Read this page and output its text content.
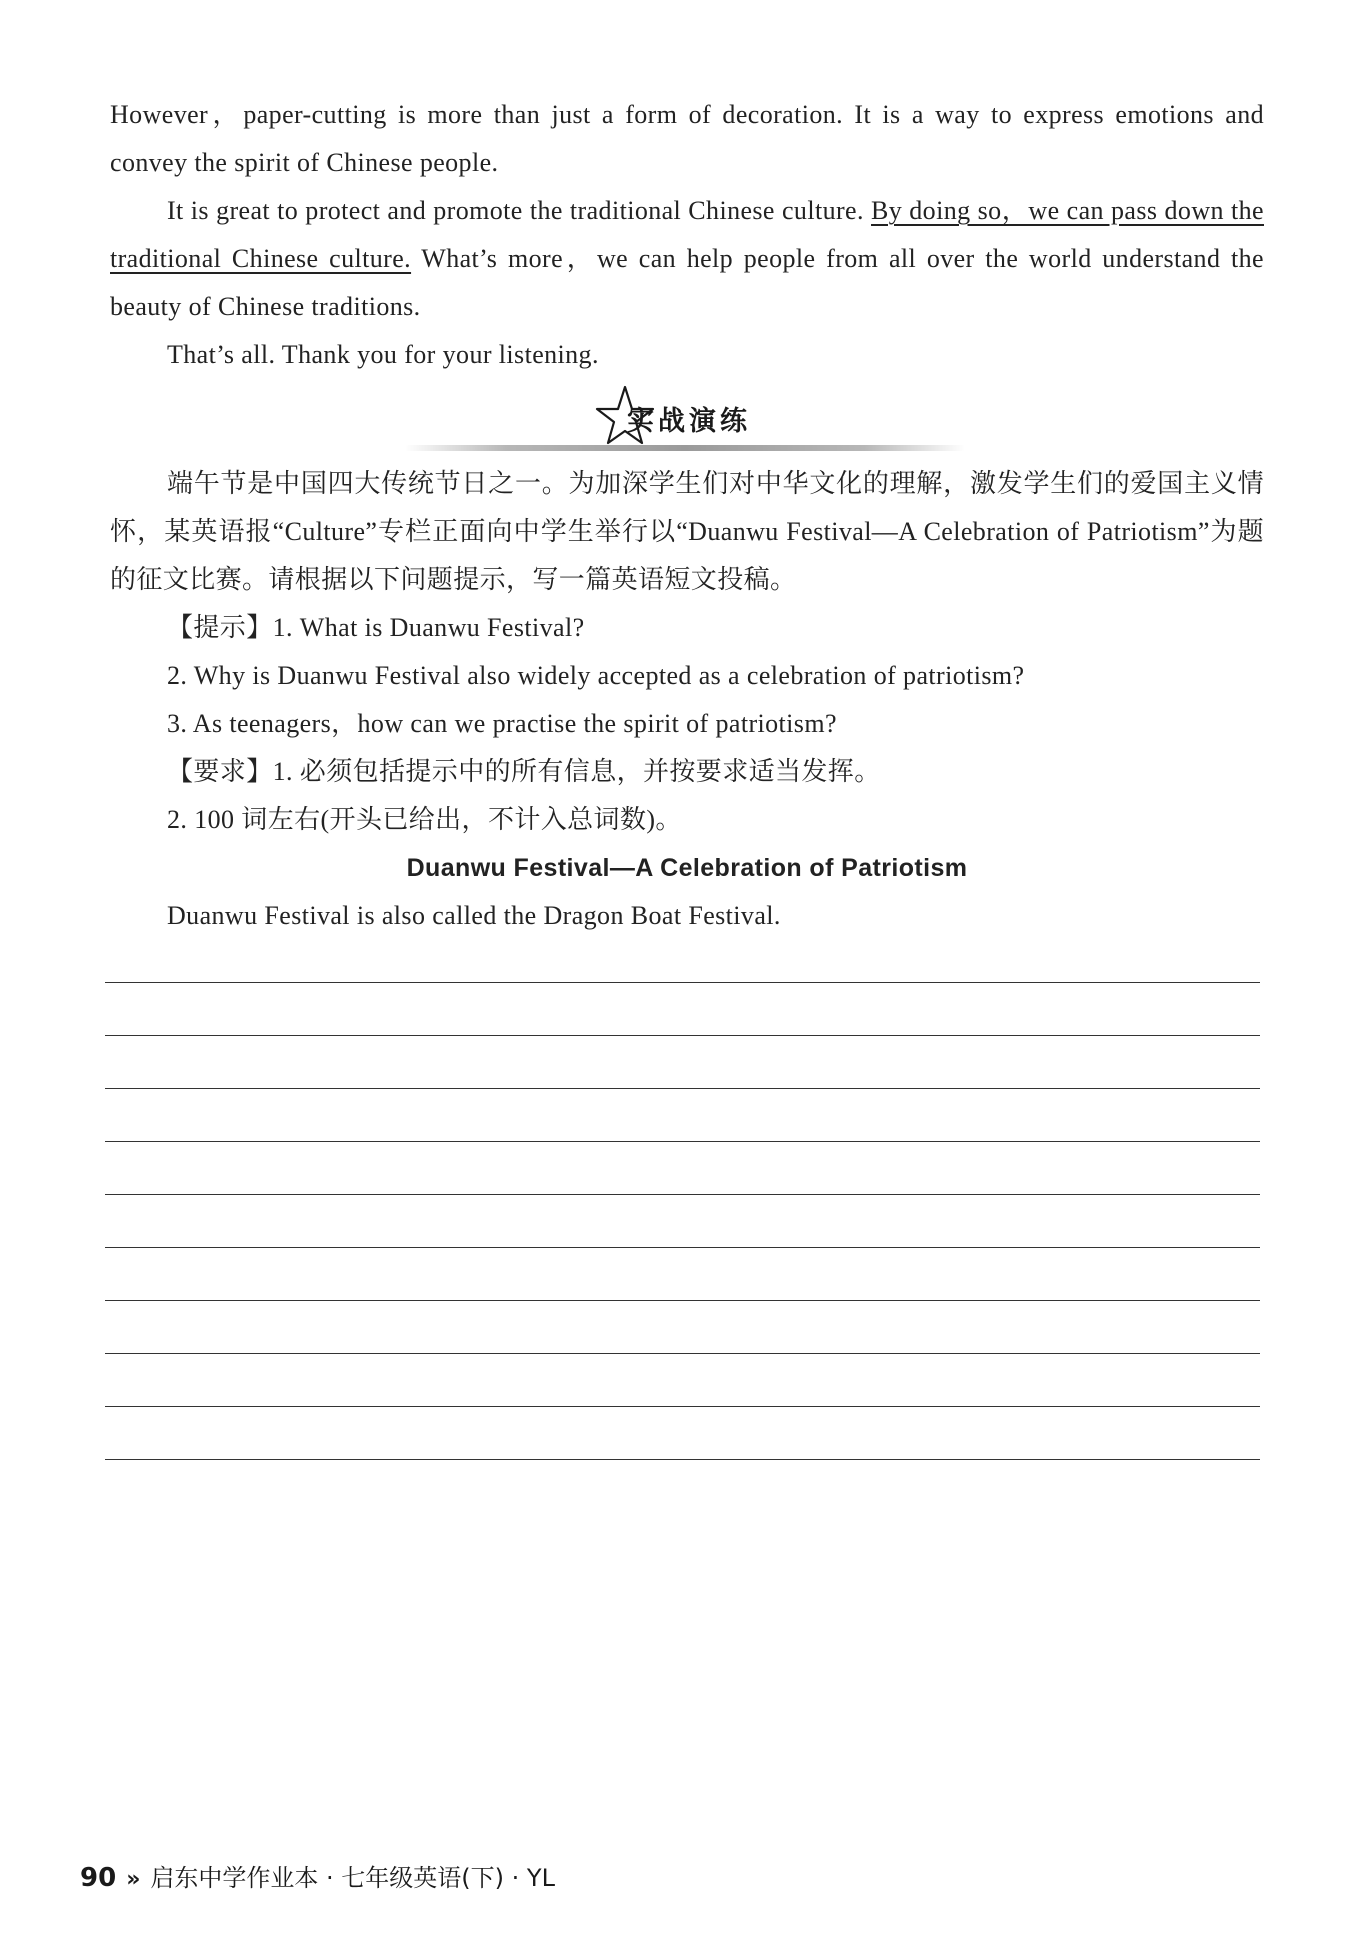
However，paper-cutting is more than just a form of decoration. It is a way to express emotions and convey the spirit of Chinese people.

It is great to protect and promote the traditional Chinese culture. By doing so，we can pass down the traditional Chinese culture. What’s more，we can help people from all over the world understand the beauty of Chinese traditions.

That’s all. Thank you for your listening.

实战演练

端午节是中国四大传统节日之一。为加深学生们对中华文化的理解，激发学生们的爱国主义情怀，某英语报“Culture”专栏正面向中学生举行以“Duanwu Festival—A Celebration of Patriotism”为题的征文比赛。请根据以下问题提示，写一篇英语短文投稿。

【提示】1. What is Duanwu Festival?

2. Why is Duanwu Festival also widely accepted as a celebration of patriotism?

3. As teenagers，how can we practise the spirit of patriotism?

【要求】1. 必须包括提示中的所有信息，并按要求适当发挥。

2. 100 词左右(开头已给出，不计入总词数)。

Duanwu Festival—A Celebration of Patriotism

Duanwu Festival is also called the Dragon Boat Festival.

90 » 启东中学作业本 · 七年级英语(下) · YL
